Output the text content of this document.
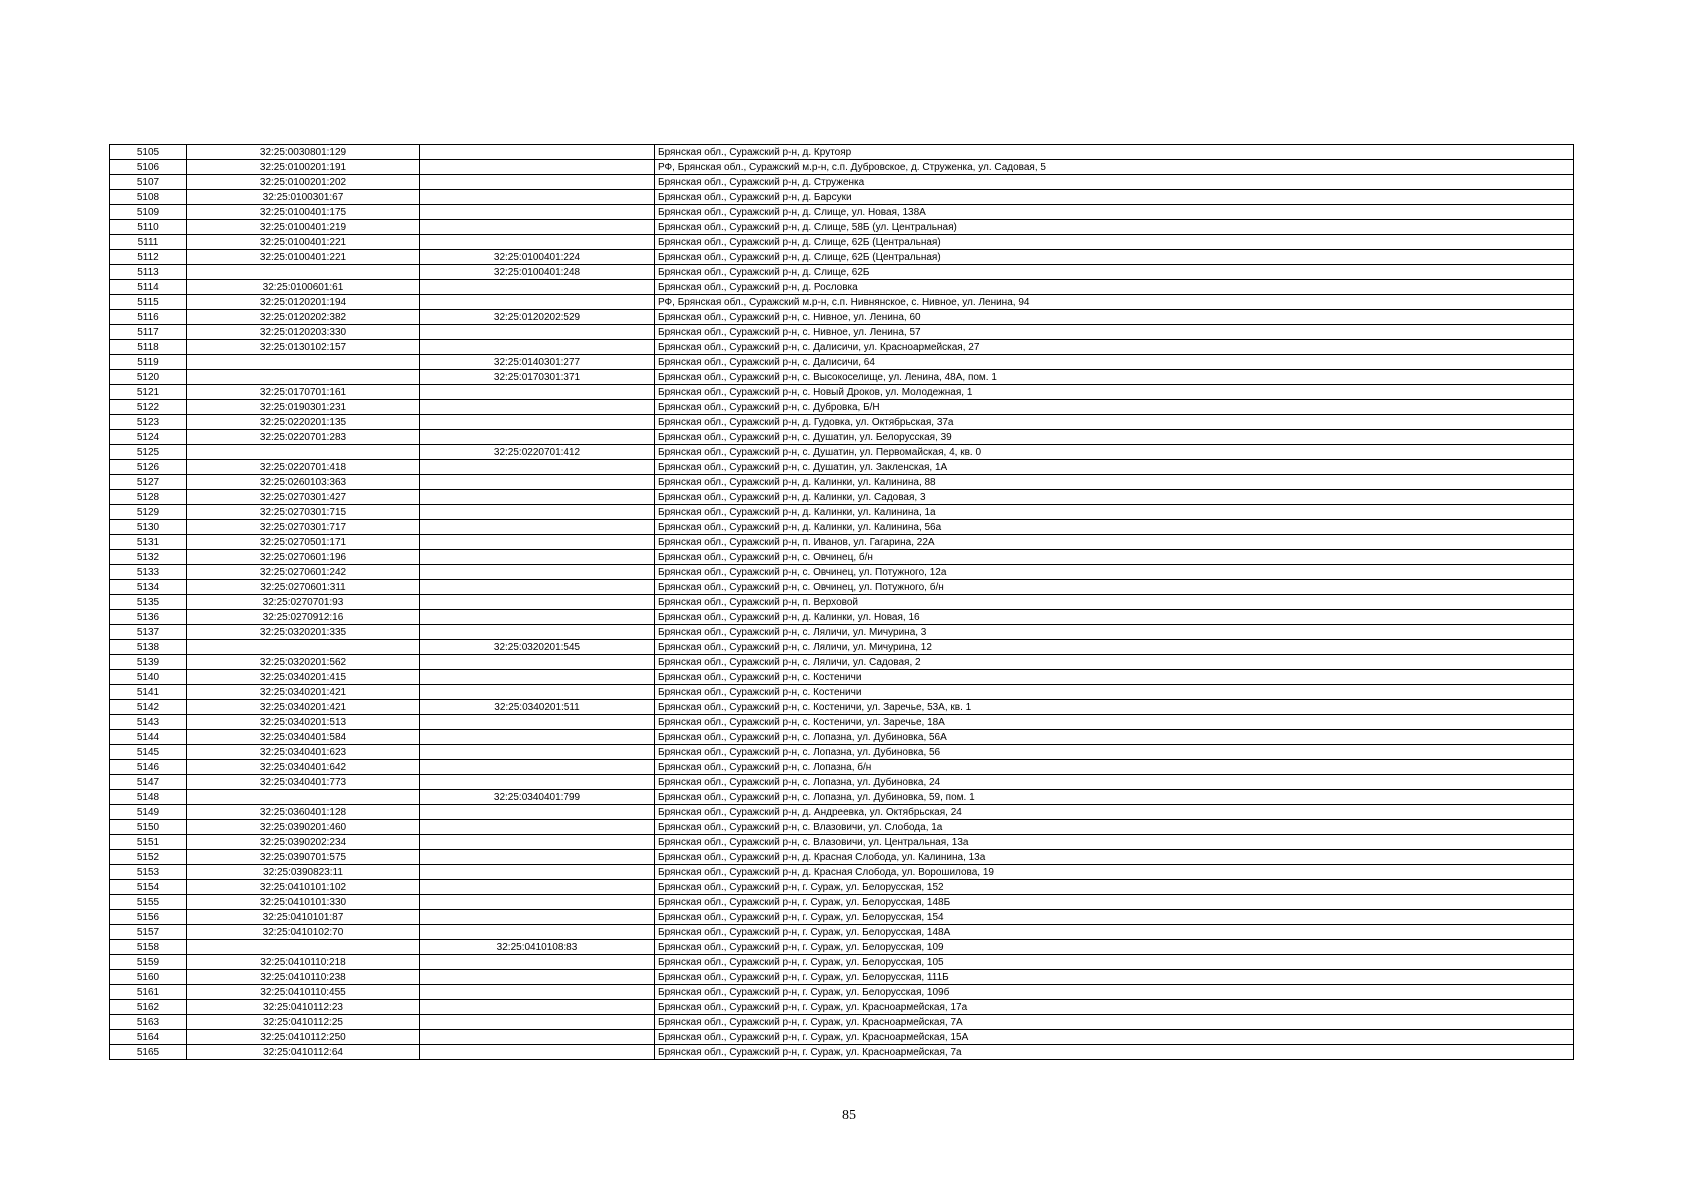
5105	32:25:0030801:129		Брянская обл., Суражский р-н, д. Крутояр
5106	32:25:0100201:191		РФ, Брянская обл., Суражский м.р-н, с.п. Дубровское, д. Струженка, ул. Садовая, 5
5107	32:25:0100201:202		Брянская обл., Суражский р-н, д. Струженка
5108	32:25:0100301:67		Брянская обл., Суражский р-н, д. Барсуки
5109	32:25:0100401:175		Брянская обл., Суражский р-н, д. Слище, ул. Новая, 138А
5110	32:25:0100401:219		Брянская обл., Суражский р-н, д. Слище, 58Б (ул. Центральная)
5111	32:25:0100401:221		Брянская обл., Суражский р-н, д. Слище, 62Б (Центральная)
5112	32:25:0100401:221	32:25:0100401:224	Брянская обл., Суражский р-н, д. Слище, 62Б (Центральная)
5113		32:25:0100401:248	Брянская обл., Суражский р-н, д. Слище, 62Б
5114	32:25:0100601:61		Брянская обл., Суражский р-н, д. Рословка
5115	32:25:0120201:194		РФ, Брянская обл., Суражский м.р-н, с.п. Нивнянское, с. Нивное, ул. Ленина, 94
5116	32:25:0120202:382	32:25:0120202:529	Брянская обл., Суражский р-н, с. Нивное, ул. Ленина, 60
5117	32:25:0120203:330		Брянская обл., Суражский р-н, с. Нивное, ул. Ленина, 57
5118	32:25:0130102:157		Брянская обл., Суражский р-н, с. Далисичи, ул. Красноармейская, 27
5119		32:25:0140301:277	Брянская обл., Суражский р-н, с. Далисичи, 64
5120		32:25:0170301:371	Брянская обл., Суражский р-н, с. Высокоселище, ул. Ленина, 48А, пом. 1
5121	32:25:0170701:161		Брянская обл., Суражский р-н, с. Новый Дроков, ул. Молодежная, 1
5122	32:25:0190301:231		Брянская обл., Суражский р-н, с. Дубровка, Б/Н
5123	32:25:0220201:135		Брянская обл., Суражский р-н, д. Гудовка, ул. Октябрьская, 37а
5124	32:25:0220701:283		Брянская обл., Суражский р-н, с. Душатин, ул. Белорусская, 39
5125		32:25:0220701:412	Брянская обл., Суражский р-н, с. Душатин, ул. Первомайская, 4, кв. 0
5126	32:25:0220701:418		Брянская обл., Суражский р-н, с. Душатин, ул. Закленская, 1А
5127	32:25:0260103:363		Брянская обл., Суражский р-н, д. Калинки, ул. Калинина, 88
5128	32:25:0270301:427		Брянская обл., Суражский р-н, д. Калинки, ул. Садовая, 3
5129	32:25:0270301:715		Брянская обл., Суражский р-н, д. Калинки, ул. Калинина, 1а
5130	32:25:0270301:717		Брянская обл., Суражский р-н, д. Калинки, ул. Калинина, 56а
5131	32:25:0270501:171		Брянская обл., Суражский р-н, п. Иванов, ул. Гагарина, 22А
5132	32:25:0270601:196		Брянская обл., Суражский р-н, с. Овчинец, б/н
5133	32:25:0270601:242		Брянская обл., Суражский р-н, с. Овчинец, ул. Потужного, 12а
5134	32:25:0270601:311		Брянская обл., Суражский р-н, с. Овчинец, ул. Потужного, б/н
5135	32:25:0270701:93		Брянская обл., Суражский р-н, п. Верховой
5136	32:25:0270912:16		Брянская обл., Суражский р-н, д. Калинки, ул. Новая, 16
5137	32:25:0320201:335		Брянская обл., Суражский р-н, с. Ляличи, ул. Мичурина, 3
5138		32:25:0320201:545	Брянская обл., Суражский р-н, с. Ляличи, ул. Мичурина, 12
5139	32:25:0320201:562		Брянская обл., Суражский р-н, с. Ляличи, ул. Садовая, 2
5140	32:25:0340201:415		Брянская обл., Суражский р-н, с. Костеничи
5141	32:25:0340201:421		Брянская обл., Суражский р-н, с. Костеничи
5142	32:25:0340201:421	32:25:0340201:511	Брянская обл., Суражский р-н, с. Костеничи, ул. Заречье, 53А, кв. 1
5143	32:25:0340201:513		Брянская обл., Суражский р-н, с. Костеничи, ул. Заречье, 18А
5144	32:25:0340401:584		Брянская обл., Суражский р-н, с. Лопазна, ул. Дубиновка, 56А
5145	32:25:0340401:623		Брянская обл., Суражский р-н, с. Лопазна, ул. Дубиновка, 56
5146	32:25:0340401:642		Брянская обл., Суражский р-н, с. Лопазна, б/н
5147	32:25:0340401:773		Брянская обл., Суражский р-н, с. Лопазна, ул. Дубиновка, 24
5148		32:25:0340401:799	Брянская обл., Суражский р-н, с. Лопазна, ул. Дубиновка, 59, пом. 1
5149	32:25:0360401:128		Брянская обл., Суражский р-н, д. Андреевка, ул. Октябрьская, 24
5150	32:25:0390201:460		Брянская обл., Суражский р-н, с. Влазовичи, ул. Слобода, 1а
5151	32:25:0390202:234		Брянская обл., Суражский р-н, с. Влазовичи, ул. Центральная, 13а
5152	32:25:0390701:575		Брянская обл., Суражский р-н, д. Красная Слобода, ул. Калинина, 13а
5153	32:25:0390823:11		Брянская обл., Суражский р-н, д. Красная Слобода, ул. Ворошилова, 19
5154	32:25:0410101:102		Брянская обл., Суражский р-н, г. Сураж, ул. Белорусская, 152
5155	32:25:0410101:330		Брянская обл., Суражский р-н, г. Сураж, ул. Белорусская, 148Б
5156	32:25:0410101:87		Брянская обл., Суражский р-н, г. Сураж, ул. Белорусская, 154
5157	32:25:0410102:70		Брянская обл., Суражский р-н, г. Сураж, ул. Белорусская, 148А
5158		32:25:0410108:83	Брянская обл., Суражский р-н, г. Сураж, ул. Белорусская, 109
5159	32:25:0410110:218		Брянская обл., Суражский р-н, г. Сураж, ул. Белорусская, 105
5160	32:25:0410110:238		Брянская обл., Суражский р-н, г. Сураж, ул. Белорусская, 111Б
5161	32:25:0410110:455		Брянская обл., Суражский р-н, г. Сураж, ул. Белорусская, 109б
5162	32:25:0410112:23		Брянская обл., Суражский р-н, г. Сураж, ул. Красноармейская, 17а
5163	32:25:0410112:25		Брянская обл., Суражский р-н, г. Сураж, ул. Красноармейская, 7А
5164	32:25:0410112:250		Брянская обл., Суражский р-н, г. Сураж, ул. Красноармейская, 15А
5165	32:25:0410112:64		Брянская обл., Суражский р-н, г. Сураж, ул. Красноармейская, 7а
85
